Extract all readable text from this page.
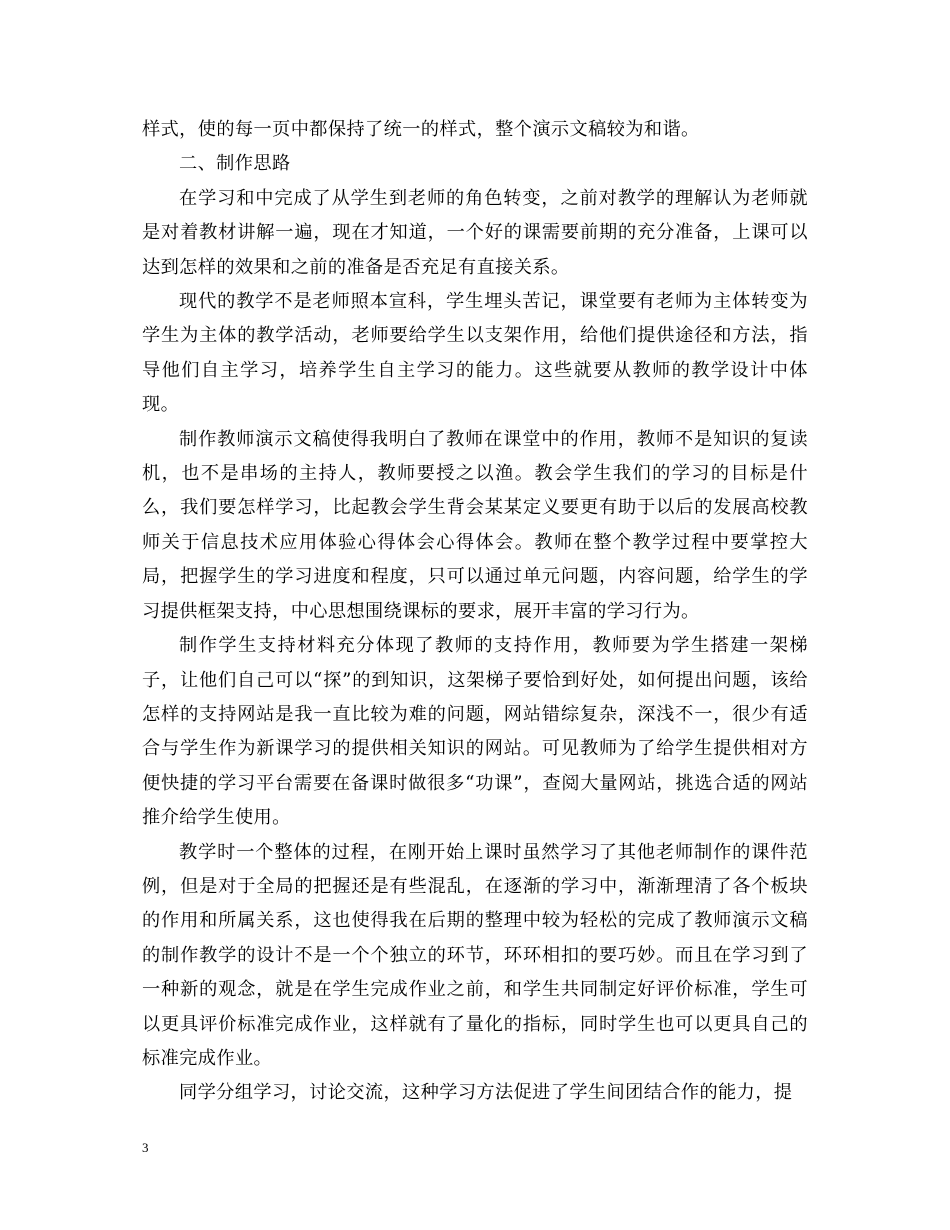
样式，使的每一页中都保持了统一的样式，整个演示文稿较为和谐。

二、制作思路

在学习和中完成了从学生到老师的角色转变，之前对教学的理解认为老师就是对着教材讲解一遍，现在才知道，一个好的课需要前期的充分准备，上课可以达到怎样的效果和之前的准备是否充足有直接关系。

现代的教学不是老师照本宣科，学生埋头苦记，课堂要有老师为主体转变为学生为主体的教学活动，老师要给学生以支架作用，给他们提供途径和方法，指导他们自主学习，培养学生自主学习的能力。这些就要从教师的教学设计中体现。

制作教师演示文稿使得我明白了教师在课堂中的作用，教师不是知识的复读机，也不是串场的主持人，教师要授之以渔。教会学生我们的学习的目标是什么，我们要怎样学习，比起教会学生背会某某定义要更有助于以后的发展高校教师关于信息技术应用体验心得体会心得体会。教师在整个教学过程中要掌控大局，把握学生的学习进度和程度，只可以通过单元问题，内容问题，给学生的学习提供框架支持，中心思想围绕课标的要求，展开丰富的学习行为。

制作学生支持材料充分体现了教师的支持作用，教师要为学生搭建一架梯子，让他们自己可以“探”的到知识，这架梯子要恰到好处，如何提出问题，该给怎样的支持网站是我一直比较为难的问题，网站错综复杂，深浅不一，很少有适合与学生作为新课学习的提供相关知识的网站。可见教师为了给学生提供相对方便快捷的学习平台需要在备课时做很多“功课”，查阅大量网站，挑选合适的网站推介给学生使用。

教学时一个整体的过程，在刚开始上课时虽然学习了其他老师制作的课件范例，但是对于全局的把握还是有些混乱，在逐渐的学习中，渐渐理清了各个板块的作用和所属关系，这也使得我在后期的整理中较为轻松的完成了教师演示文稿的制作教学的设计不是一个个独立的环节，环环相扣的要巧妙。而且在学习到了一种新的观念，就是在学生完成作业之前，和学生共同制定好评价标准，学生可以更具评价标准完成作业，这样就有了量化的指标，同时学生也可以更具自己的标准完成作业。

同学分组学习，讨论交流，这种学习方法促进了学生间团结合作的能力，提

3
